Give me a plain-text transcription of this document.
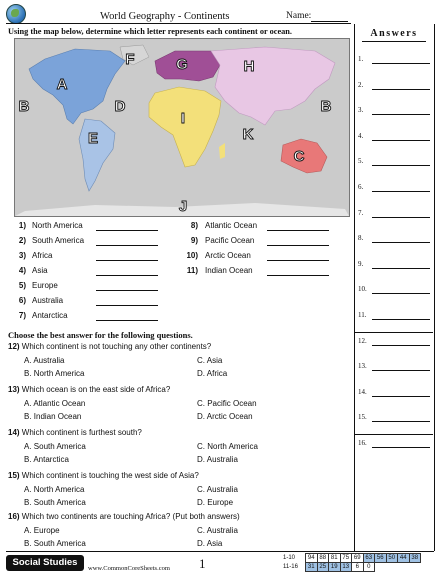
World Geography - Continents	Name:
Answers
1.
2.
3.
4.
5.
6.
7.
8.
9.
10.
11.
12.
13.
14.
15.
16.
Using the map below, determine which letter represents each continent or ocean.
F	G	H
A
B	D
I
B
E	K
C
J
1) North America
2) South America
3) Africa
4) Asia
5) Europe
6) Australia
7) Antarctica
8) Atlantic Ocean
9) Pacific Ocean
10) Arctic Ocean
11) Indian Ocean
Choose the best answer for the following questions.
12) Which continent is not touching any other continents?
A. Australia
B. North America
C. Asia
D. Africa
13) Which ocean is on the east side of Africa?
A. Atlantic Ocean
B. Indian Ocean
C. Pacific Ocean
D. Arctic Ocean
14) Which continent is furthest south?
A. South America
B. Antarctica
C. North America
D. Australia
15) Which continent is touching the west side of Asia?
A. North America
B. South America
C. Australia
D. Europe
16) Which two continents are touching Africa? (Put both answers)
A. Europe
B. South America
C. Australia
D. Asia
Social Studies
www.CommonCoreSheets.com 1	1-10	94	88	81	75	69	63	56	50	44	38
11-16	31	25	19	13	6	0				
